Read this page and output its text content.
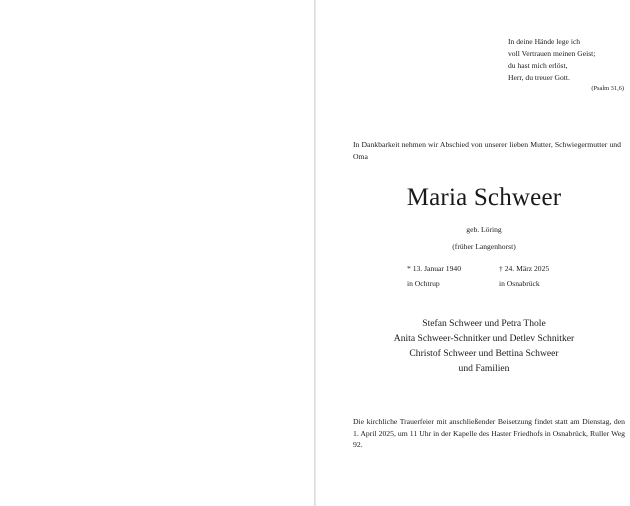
In deine Hände lege ich
voll Vertrauen meinen Geist;
du hast mich erlöst,
Herr, du treuer Gott.
(Psalm 31,6)

In Dankbarkeit nehmen wir Abschied von unserer lieben Mutter, Schwiegermutter und Oma

Maria Schweer
geb. Löring
(früher Langenhorst)
* 13. Januar 1940
in Ochtrup
† 24. März 2025
in Osnabrück
Stefan Schweer und Petra Thole
Anita Schweer-Schnitker und Detlev Schnitker
Christof Schweer und Bettina Schweer
und Familien

Die kirchliche Trauerfeier mit anschließender Beisetzung findet statt am Dienstag, den 1. April 2025, um 11 Uhr in der Kapelle des Haster Friedhofs in Osnabrück, Ruller Weg 92.
